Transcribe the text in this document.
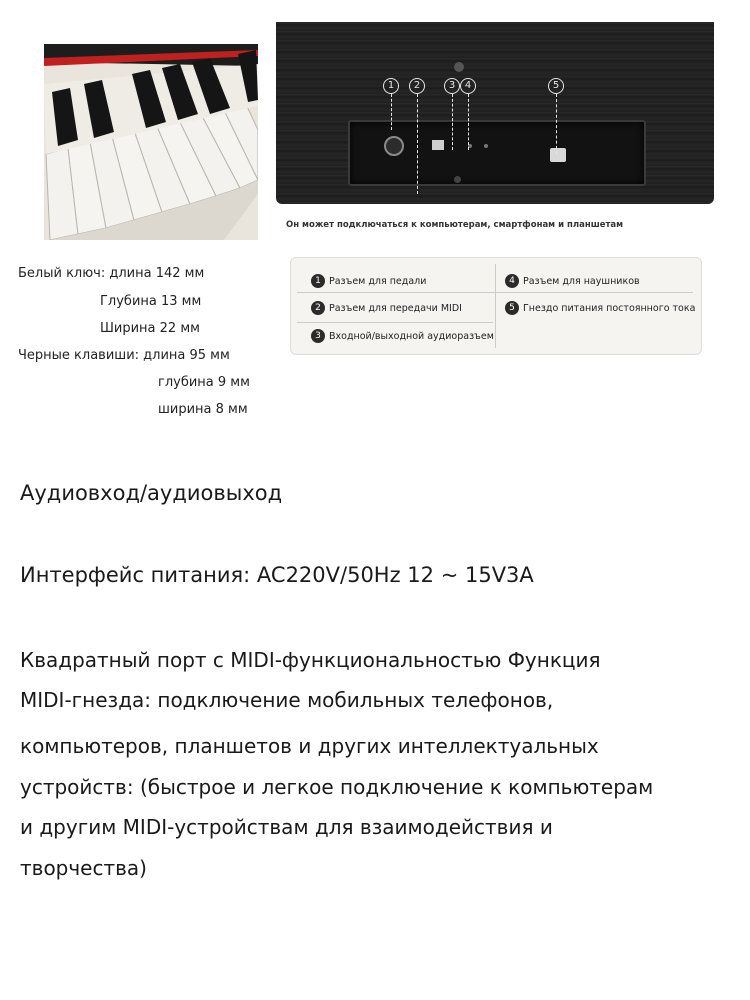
Белый ключ: длина 142 мм
Глубина 13 мм
Ширина 22 мм
Черные клавиши: длина 95 мм
глубина 9 мм
ширина 8 мм
1	2	3 4	5
Он может подключаться к компьютерам, смартфонам и планшетам
1 Разъем для педали
2 Разъем для передачи MIDI
3 Входной/выходной аудиоразъем
4 Разъем для наушников
5 Гнездо питания постоянного тока
Аудиовход/аудиовыход
Интерфейс питания: AC220V/50Hz 12 ~ 15V3A
Квадратный порт с MIDI-функциональностью Функция
MIDI-гнезда: подключение мобильных телефонов,
компьютеров, планшетов и других интеллектуальных
устройств: (быстрое и легкое подключение к компьютерам
и другим MIDI-устройствам для взаимодействия и
творчества)
